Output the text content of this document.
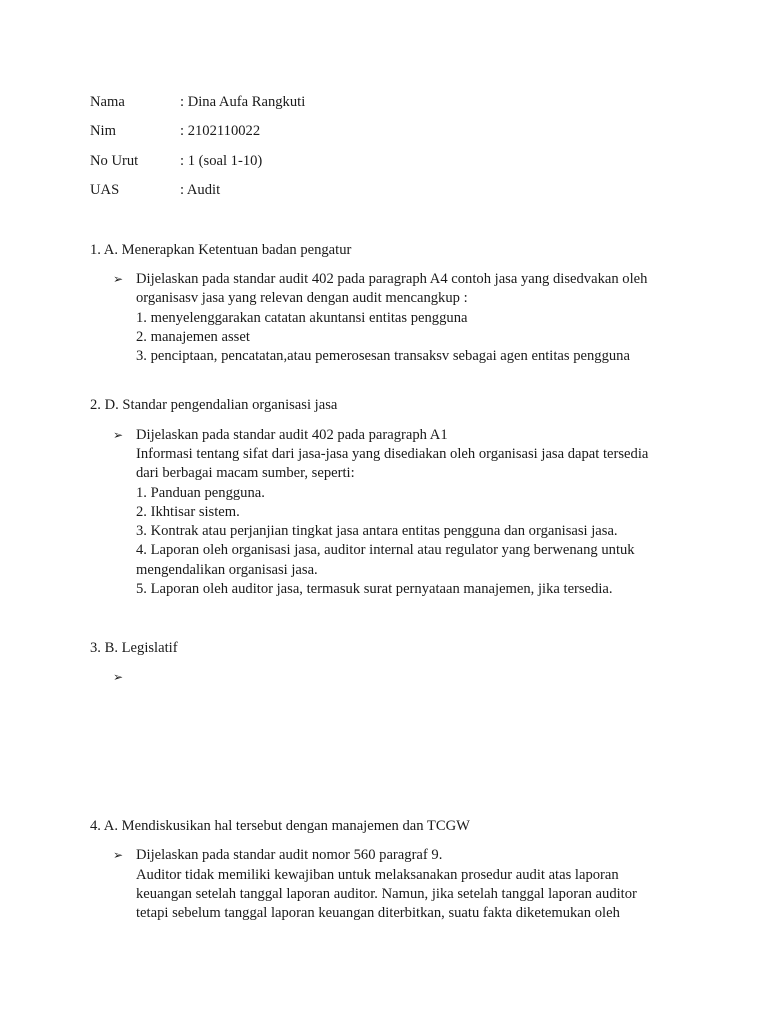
Nama	: Dina Aufa Rangkuti
Nim	: 2102110022
No Urut	: 1 (soal 1-10)
UAS	: Audit
1. A. Menerapkan Ketentuan badan pengatur
➢ Dijelaskan pada standar audit 402 pada paragraph A4 contoh jasa yang disedvakan oleh
organisasv jasa yang relevan dengan audit mencangkup :
1. menyelenggarakan catatan akuntansi entitas pengguna
2. manajemen asset
3. penciptaan, pencatatan,atau pemerosesan transaksv sebagai agen entitas pengguna
2. D. Standar pengendalian organisasi jasa
➢ Dijelaskan pada standar audit 402 pada paragraph A1
Informasi tentang sifat dari jasa-jasa yang disediakan oleh organisasi jasa dapat tersedia
dari berbagai macam sumber, seperti:
1. Panduan pengguna.
2. Ikhtisar sistem.
3. Kontrak atau perjanjian tingkat jasa antara entitas pengguna dan organisasi jasa.
4. Laporan oleh organisasi jasa, auditor internal atau regulator yang berwenang untuk
mengendalikan organisasi jasa.
5. Laporan oleh auditor jasa, termasuk surat pernyataan manajemen, jika tersedia.
3. B. Legislatif
➢
4. A. Mendiskusikan hal tersebut dengan manajemen dan TCGW
➢ Dijelaskan pada standar audit nomor 560 paragraf 9.
Auditor tidak memiliki kewajiban untuk melaksanakan prosedur audit atas laporan
keuangan setelah tanggal laporan auditor. Namun, jika setelah tanggal laporan auditor
tetapi sebelum tanggal laporan keuangan diterbitkan, suatu fakta diketemukan oleh
